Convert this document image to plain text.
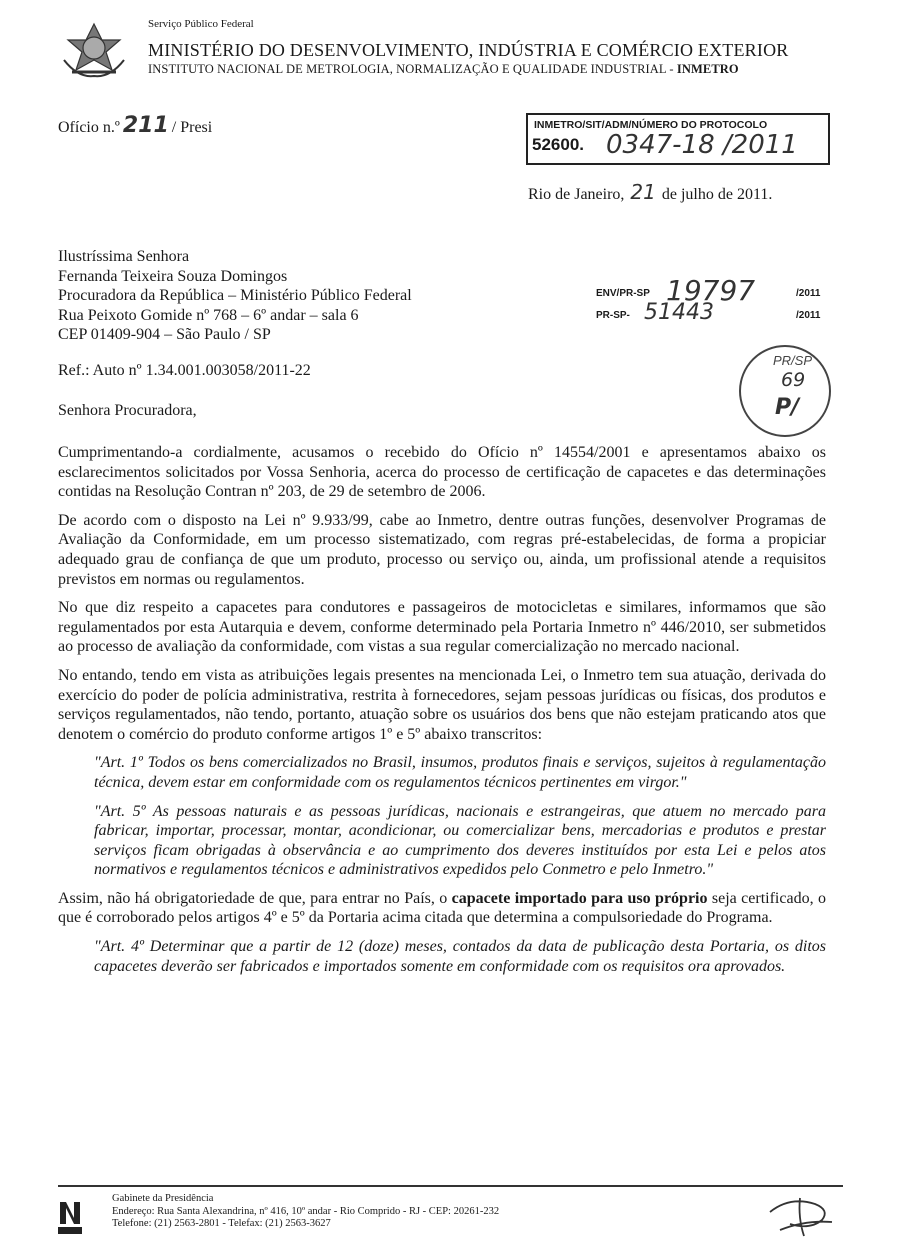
Serviço Público Federal
MINISTÉRIO DO DESENVOLVIMENTO, INDÚSTRIA E COMÉRCIO EXTERIOR
INSTITUTO NACIONAL DE METROLOGIA, NORMALIZAÇÃO E QUALIDADE INDUSTRIAL - INMETRO
Ofício n.º 211 / Presi	INMETRO/SIT/ADM/NÚMERO DO PROTOCOLO
52600. 0347-18 /2011
Rio de Janeiro, 21 de julho de 2011.
Ilustríssima Senhora
Fernanda Teixeira Souza Domingos
Procuradora da República – Ministério Público Federal
Rua Peixoto Gomide nº 768 – 6º andar – sala 6
CEP 01409-904 – São Paulo / SP
ENV/PR-SP 19797	/2011
PR-SP- 51443	/2011
PR/SP
69
P/
Ref.: Auto nº 1.34.001.003058/2011-22
Senhora Procuradora,

Cumprimentando-a cordialmente, acusamos o recebido do Ofício nº 14554/2001 e apresentamos abaixo os esclarecimentos solicitados por Vossa Senhoria, acerca do processo de certificação de capacetes e das determinações contidas na Resolução Contran nº 203, de 29 de setembro de 2006.

De acordo com o disposto na Lei nº 9.933/99, cabe ao Inmetro, dentre outras funções, desenvolver Programas de Avaliação da Conformidade, em um processo sistematizado, com regras pré-estabelecidas, de forma a propiciar adequado grau de confiança de que um produto, processo ou serviço ou, ainda, um profissional atende a requisitos previstos em normas ou regulamentos.

No que diz respeito a capacetes para condutores e passageiros de motocicletas e similares, informamos que são regulamentados por esta Autarquia e devem, conforme determinado pela Portaria Inmetro nº 446/2010, ser submetidos ao processo de avaliação da conformidade, com vistas a sua regular comercialização no mercado nacional.

No entando, tendo em vista as atribuições legais presentes na mencionada Lei, o Inmetro tem sua atuação, derivada do exercício do poder de polícia administrativa, restrita à fornecedores, sejam pessoas jurídicas ou físicas, dos produtos e serviços regulamentados, não tendo, portanto, atuação sobre os usuários dos bens que não estejam praticando atos que denotem o comércio do produto conforme artigos 1º e 5º abaixo transcritos:

"Art. 1º Todos os bens comercializados no Brasil, insumos, produtos finais e serviços, sujeitos à regulamentação técnica, devem estar em conformidade com os regulamentos técnicos pertinentes em virgor."

"Art. 5º As pessoas naturais e as pessoas jurídicas, nacionais e estrangeiras, que atuem no mercado para fabricar, importar, processar, montar, acondicionar, ou comercializar bens, mercadorias e produtos e prestar serviços ficam obrigadas à observância e ao cumprimento dos deveres instituídos por esta Lei e pelos atos normativos e regulamentos técnicos e administrativos expedidos pelo Conmetro e pelo Inmetro."

Assim, não há obrigatoriedade de que, para entrar no País, o capacete importado para uso próprio seja certificado, o que é corroborado pelos artigos 4º e 5º da Portaria acima citada que determina a compulsoriedade do Programa.

"Art. 4º Determinar que a partir de 12 (doze) meses, contados da data de publicação desta Portaria, os ditos capacetes deverão ser fabricados e importados somente em conformidade com os requisitos ora aprovados.

Gabinete da Presidência
Endereço: Rua Santa Alexandrina, nº 416, 10º andar - Rio Comprido - RJ - CEP: 20261-232
Telefone: (21) 2563-2801 - Telefax: (21) 2563-3627
